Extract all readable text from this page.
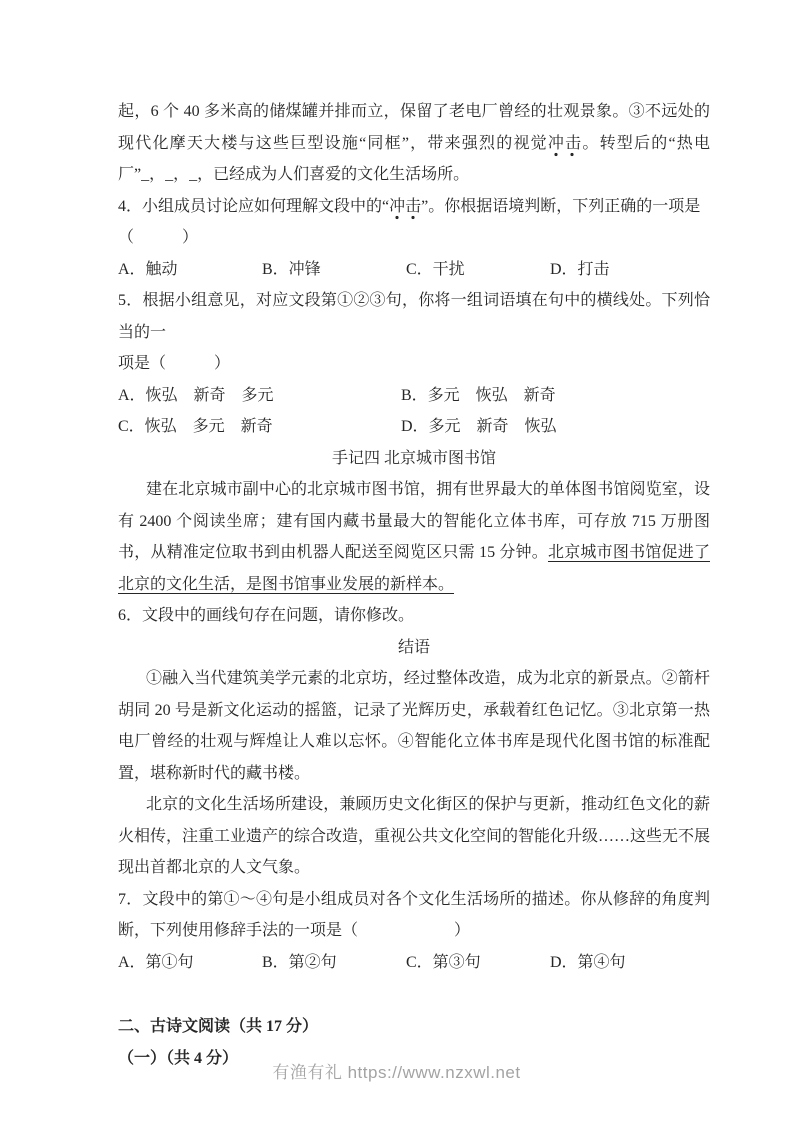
起，6 个 40 多米高的储煤罐并排而立，保留了老电厂曾经的壮观景象。③不远处的现代化摩天大楼与这些巨型设施“同框”，带来强烈的视觉冲击。转型后的“热电厂”_，_，_，已经成为人们喜爱的文化生活场所。

4．小组成员讨论应如何理解文段中的“冲击”。你根据语境判断，下列正确的一项是

（　　　）

A．触动	B．冲锋	C．干扰	D．打击

5．根据小组意见，对应文段第①②③句，你将一组词语填在句中的横线处。下列恰当的一

项是（　　　）

A．恢弘　新奇　多元	B．多元　恢弘　新奇
C．恢弘　多元　新奇	D．多元　新奇　恢弘

手记四 北京城市图书馆

建在北京城市副中心的北京城市图书馆，拥有世界最大的单体图书馆阅览室，设有 2400 个阅读坐席；建有国内藏书量最大的智能化立体书库，可存放 715 万册图书，从精准定位取书到由机器人配送至阅览区只需 15 分钟。北京城市图书馆促进了北京的文化生活，是图书馆事业发展的新样本。

6．文段中的画线句存在问题，请你修改。

结语

①融入当代建筑美学元素的北京坊，经过整体改造，成为北京的新景点。②箭杆胡同 20 号是新文化运动的摇篮，记录了光辉历史，承载着红色记忆。③北京第一热电厂曾经的壮观与辉煌让人难以忘怀。④智能化立体书库是现代化图书馆的标准配置，堪称新时代的藏书楼。

北京的文化生活场所建设，兼顾历史文化街区的保护与更新，推动红色文化的薪火相传，注重工业遗产的综合改造，重视公共文化空间的智能化升级……这些无不展现出首都北京的人文气象。

7．文段中的第①～④句是小组成员对各个文化生活场所的描述。你从修辞的角度判断，下列使用修辞手法的一项是（　　　　　　）

A．第①句	B．第②句	C．第③句	D．第④句

二、古诗文阅读（共 17 分）

（一）（共 4 分）

有渔有礼 https://www.nzxwl.net
